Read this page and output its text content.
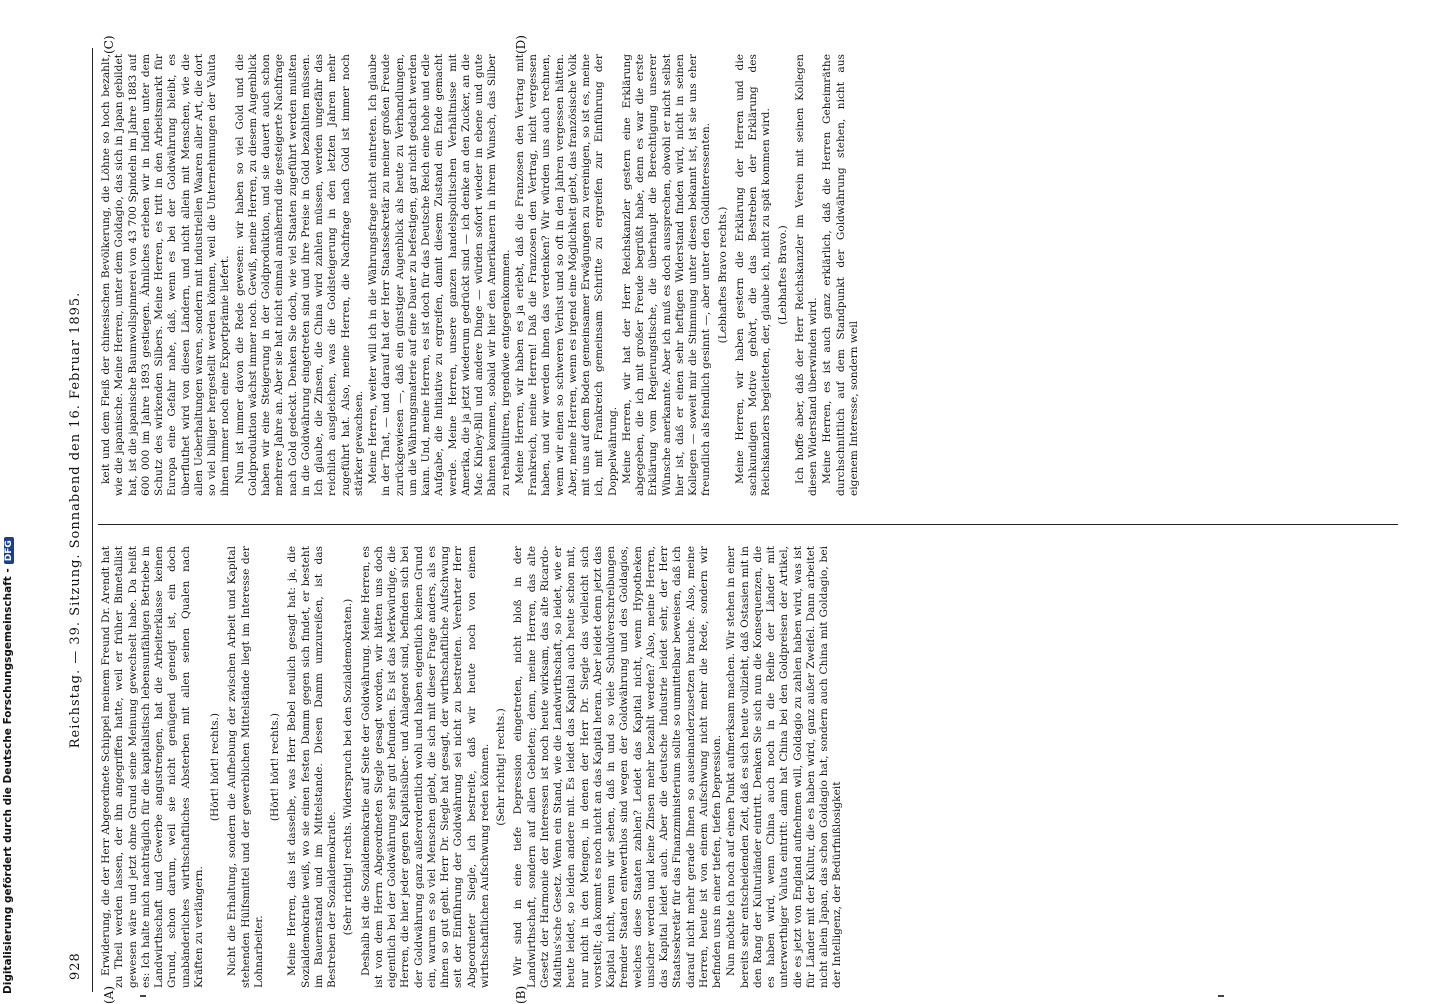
928
Reichstag. — 39. Sitzung. Sonnabend den 16. Februar 1895.
(A)	(B)
(C)	(D)

Erwiderung, die der Herr Abgeordnete Schippel meinem Freund Dr. Arendt hat zu Theil werden lassen, der ihn angegriffen hatte, weil er früher Bimetallist gewesen wäre und jetzt ohne Grund seine Meinung gewechselt habe. Da heißt es: Ich halte mich nachträglich für die kapitalistisch lebensunfähigen Betriebe in Landwirthschaft und Gewerbe angustrengen, hat die Arbeiterklasse keinen Grund, schon darum, weil sie nicht genügend geneigt ist, ein doch unabänderliches wirthschaftliches Absterben mit allen seinen Qualen nach Kräften zu verlängern.

(Hört! hört! rechts.) Nicht die Erhaltung, sondern die Aufhebung der zwischen Arbeit und Kapital stehenden Hülfsmittel und der gewerblichen Mittelstände liegt im Interesse der Lohnarbeiter.

(Hört! hört! rechts.) Meine Herren, das ist dasselbe, was Herr Bebel neulich gesagt hat: ja, die Sozialdemokratie weiß, wo sie einen festen Damm gegen sich findet, er besteht im Bauernstand und im Mittelstande. Diesen Damm umzureißen, ist das Bestreben der Sozialdemokratie. (Sehr richtig! rechts. Widerspruch bei den Sozialdemokraten.) Deshalb ist die Sozialdemokratie auf Seite der Goldwährung. Meine Herren, es ist von dem Herrn Abgeordneten Siegle gesagt worden, wir hätten uns doch eigentlich bei der Goldwährung sehr gut befunden. Es ist das Merkwürdige, die Herren, die hier jeder gegen Kapitalsüber- und Anlagenot sind, befinden sich bei der Goldwährung ganz außerordentlich wohl und haben eigentlich keinen Grund ein, warum es so viel Menschen giebt, die sich mit dieser Frage anders, als es ihnen so gut geht. Herr Dr. Siegle hat gesagt, der wirthschaftliche Aufschwung seit der Einführung der Goldwährung sei nicht zu bestreiten. Verehrter Herr Abgeordneter Siegle, ich bestreite, daß wir heute noch von einem wirthschaftlichen Aufschwung reden können. (Sehr richtig! rechts.) Wir sind in eine tiefe Depression eingetreten, nicht bloß in der Landwirthschaft, sondern auf allen Gebieten; denn, meine Herren, das alte Gesetz der Harmonie der Interessen ist noch heute wirksam, das alte Ricardo-Malthus'sche Gesetz. Wenn ein Stand, wie die Landwirthschaft, so leidet, wie er heute leidet, so leiden andere mit. Es leidet das Kapital auch heute schon mit, nur nicht in den Mengen, in denen der Herr Dr. Siegle das vielleicht sich vorstellt; da kommt es noch nicht an das Kapital heran. Aber leidet denn jetzt das Kapital nicht, wenn wir sehen, daß in und so viele Schuldverschreibungen fremder Staaten entwerthlos sind wegen der Goldwährung und des Goldagios, welches diese Staaten zahlen? Leidet das Kapital nicht, wenn Hypotheken unsicher werden und keine Zinsen mehr bezahlt werden? Also, meine Herren, das Kapital leidet auch. Aber die deutsche Industrie leidet sehr, der Herr Staatssekretär für das Finanzministerium sollte so unmittelbar beweisen, daß ich darauf nicht mehr gerade Ihnen so auseinanderzusetzen brauche. Also, meine Herren, heute ist von einem Aufschwung nicht mehr die Rede, sondern wir befinden uns in einer tiefen, tiefen Depression. Nun möchte ich noch auf einen Punkt aufmerksam machen. Wir stehen in einer bereits sehr entscheidenden Zeit, daß es sich heute vollzieht, daß Ostasien mit in den Rang der Kulturländer eintritt. Denken Sie sich nun die Konsequenzen, die es haben wird, wenn China auch noch in die Reihe der Länder mit unterwerthiger Valuta eintritt: dann hat China bei den Goldpreisen der Artikel, die es jetzt von England aufnehmen will, Goldagio zu zahlen haben wird, was ist für Länder mit der Kultur, die es haben wird, ganz außer Zweifel. Dann arbeitet nicht allein Japan, das schon Goldagio hat, sondern auch China mit Goldagio, bei der Intelligenz, der Bedürfnißlosigkeit

keit und dem Fleiß der chinesischen Bevölkerung, die Löhne so hoch bezahlt, wie die japanische. Meine Herren, unter dem Goldagio, das sich in Japan gebildet hat, ist die japanische Baumwollspinnerei von 43 700 Spindeln im Jahre 1883 auf 600 000 im Jahre 1893 gestiegen. Ähnliches erleben wir in Indien unter dem Schutz des wirkenden Silbers. Meine Herren, es tritt in den Arbeitsmarkt für Europa eine Gefahr nahe, daß, wenn es bei der Goldwährung bleibt, es überfluthet wird von diesen Ländern, und nicht allein mit Menschen, wie die allen Ueberhaltungen waren, sondern mit industriellen Waaren aller Art, die dort so viel billiger hergestellt werden können, weil die Unternehmungen der Valuta ihnen immer noch eine Exportprämie liefert. Nun ist immer davon die Rede gewesen: wir haben so viel Gold und die Goldproduktion wächst immer noch. Gewiß, meine Herren, zu diesem Augenblick haben wir eine Steigerung in der Goldproduktion, und sie dauert auch schon mehrere Jahre an. Aber sie hat nicht einmal annähernd die gesteigerte Nachfrage nach Gold gedeckt. Denken Sie doch, wie viel Staaten zugeführt werden mußten in die Goldwährung eingetreten sind und ihre Preise in Gold bezahlten müssen. Ich glaube, die Zinsen, die China wird zahlen müssen, werden ungefähr das reichlich ausgleichen, was die Goldsteigerung in den letzten Jahren mehr zugeführt hat. Also, meine Herren, die Nachfrage nach Gold ist immer noch stärker gewachsen. Meine Herren, weiter will ich in die Währungsfrage nicht eintreten. Ich glaube in der That, — und darauf hat der Herr Staatssekretär zu meiner großen Freude zurückgewiesen —, daß ein günstiger Augenblick als heute zu Verhandlungen, um die Währungsmaterie auf eine Dauer zu befestigen, gar nicht gedacht werden kann. Und, meine Herren, es ist doch für das Deutsche Reich eine hohe und edle Aufgabe, die Initiative zu ergreifen, damit diesem Zustand ein Ende gemacht werde. Meine Herren, unsere ganzen handelspolitischen Verhältnisse mit Amerika, die ja jetzt wiederum gedrückt sind — ich denke an den Zucker, an die Mac Kinley-Bill und andere Dinge — würden sofort wieder in ebene und gute Bahnen kommen, sobald wir hier den Amerikanern in ihrem Wunsch, das Silber zu rehabilitiren, irgendwie entgegenkommen. Meine Herren, wir haben es ja erlebt, daß die Franzosen den Vertrag mit Frankreich, meine Herren! Daß die Franzosen den Vertrag, nicht vergessen haben, und wir werden ihnen das verdenken? Wir würden uns auch rechnen, wenn wir einen so schweren Verlust und so oft in den Jahren vergessen hätten. Aber, meine Herren, wenn es irgend eine Möglichkeit giebt, das französische Volk mit uns auf dem Boden gemeinsamer Erwägungen zu vereinigen, so ist es, meine ich, mit Frankreich gemeinsam Schritte zu ergreifen zur Einführung der Doppelwährung. Meine Herren, wir hat der Herr Reichskanzler gestern eine Erklärung abgegeben, die ich mit großer Freude begrüßt habe, denn es war die erste Erklärung vom Regierungstische, die überhaupt die Berechtigung unserer Wünsche anerkannte. Aber ich muß es doch aussprechen, obwohl er nicht selbst hier ist, daß er einen sehr heftigen Widerstand finden wird, nicht in seinen Kollegen — soweit mir die Stimmung unter diesen bekannt ist, ist sie uns eher freundlich als feindlich gesinnt —, aber unter den Goldinteressenten. (Lebhaftes Bravo rechts.) Meine Herren, wir haben gestern die Erklärung der Herren und die sachkundigen Motive gehört, die das Bestreben der Erklärung des Reichskanzlers begleiteten, der, glaube ich, nicht zu spät kommen wird. (Lebhaftes Bravo.) Ich hoffe aber, daß der Herr Reichskanzler im Verein mit seinen Kollegen diesen Widerstand überwinden wird. Meine Herren, es ist auch ganz erklärlich, daß die Herren Geheimräthe durchschnittlich auf dem Standpunkt der Goldwährung stehen, nicht aus eigenem Interesse, sondern weil

Digitalisierung gefördert durch die Deutsche Forschungsgemeinschaft -DFG
